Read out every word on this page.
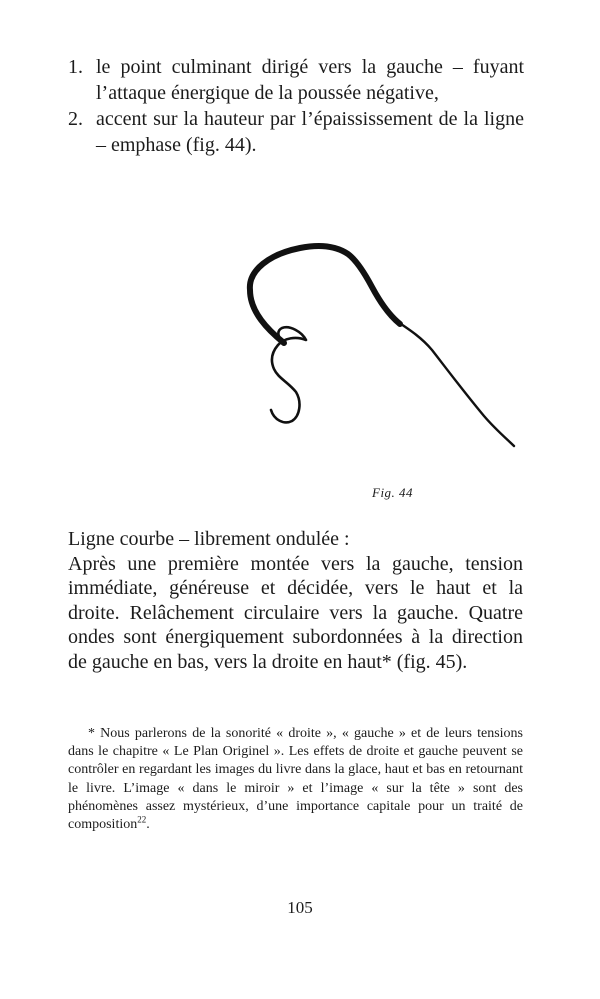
1. le point culminant dirigé vers la gauche – fuyant l’attaque énergique de la poussée négative,
2. accent sur la hauteur par l’épaississement de la ligne – emphase (fig. 44).
Fig. 44
Ligne courbe – librement ondulée :
Après une première montée vers la gauche, tension immédiate, généreuse et décidée, vers le haut et la droite. Relâchement circulaire vers la gauche. Quatre ondes sont énergiquement subordonnées à la direction de gauche en bas, vers la droite en haut* (fig. 45).
* Nous parlerons de la sonorité « droite », « gauche » et de leurs tensions dans le chapitre « Le Plan Originel ». Les effets de droite et gauche peuvent se contrôler en regardant les images du livre dans la glace, haut et bas en retournant le livre. L’image « dans le miroir » et l’image « sur la tête » sont des phénomènes assez mystérieux, d’une importance capitale pour un traité de composition$^{22}$.
105
